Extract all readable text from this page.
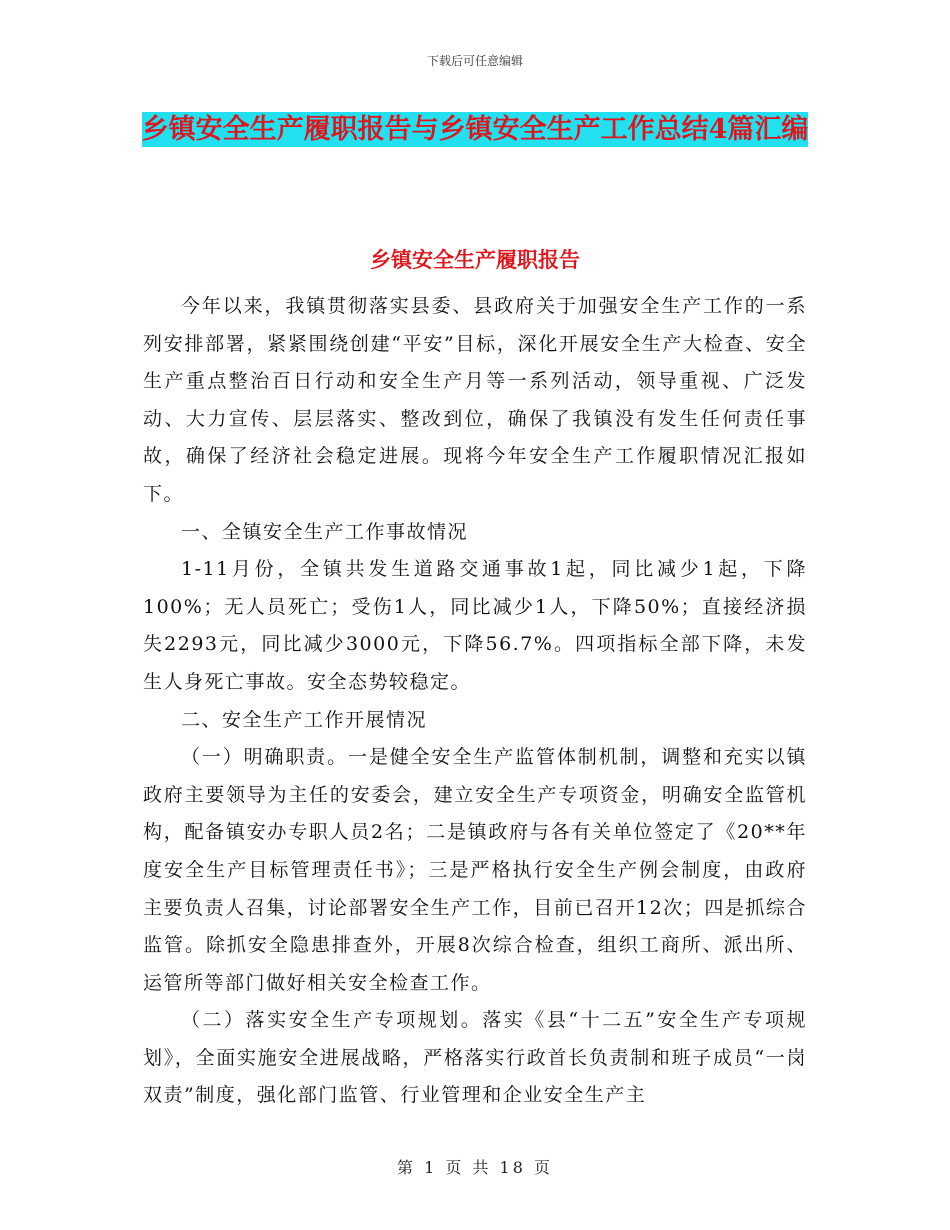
下载后可任意编辑
乡镇安全生产履职报告与乡镇安全生产工作总结4篇汇编
乡镇安全生产履职报告

今年以来，我镇贯彻落实县委、县政府关于加强安全生产工作的一系列安排部署，紧紧围绕创建“平安”目标，深化开展安全生产大检查、安全生产重点整治百日行动和安全生产月等一系列活动，领导重视、广泛发动、大力宣传、层层落实、整改到位，确保了我镇没有发生任何责任事故，确保了经济社会稳定进展。现将今年安全生产工作履职情况汇报如下。

一、全镇安全生产工作事故情况

1-11月份，全镇共发生道路交通事故1起，同比减少1起，下降100%；无人员死亡；受伤1人，同比减少1人，下降50%；直接经济损失2293元，同比减少3000元，下降56.7%。四项指标全部下降，未发生人身死亡事故。安全态势较稳定。

二、安全生产工作开展情况

（一）明确职责。一是健全安全生产监管体制机制，调整和充实以镇政府主要领导为主任的安委会，建立安全生产专项资金，明确安全监管机构，配备镇安办专职人员2名；二是镇政府与各有关单位签定了《20**年度安全生产目标管理责任书》；三是严格执行安全生产例会制度，由政府主要负责人召集，讨论部署安全生产工作，目前已召开12次；四是抓综合监管。除抓安全隐患排查外，开展8次综合检查，组织工商所、派出所、运管所等部门做好相关安全检查工作。

（二）落实安全生产专项规划。落实《县“十二五”安全生产专项规划》，全面实施安全进展战略，严格落实行政首长负责制和班子成员“一岗双责”制度，强化部门监管、行业管理和企业安全生产主

第 1 页 共 18 页
